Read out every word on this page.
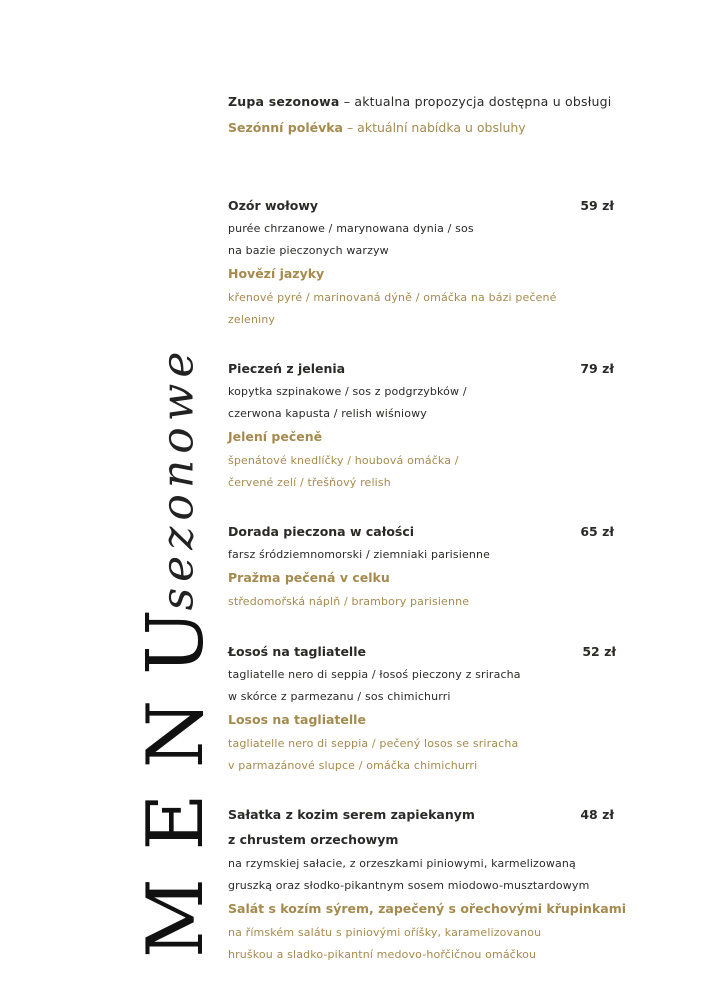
M
E
N
U
sezonowe
Zupa sezonowa – aktualna propozycja dostępna u obsługi
Sezónní polévka – aktuální nabídka u obsluhy
Ozór wołowy	59 zł
purée chrzanowe / marynowana dynia / sos
na bazie pieczonych warzyw
Hovězí jazyky
křenové pyré / marinovaná dýně / omáčka na bázi pečené
zeleniny
Pieczeń z jelenia	79 zł
kopytka szpinakowe / sos z podgrzybków /
czerwona kapusta / relish wiśniowy
Jelení pečeně
špenátové knedlíčky / houbová omáčka /
červené zelí / třešňový relish
Dorada pieczona w całości	65 zł
farsz śródziemnomorski / ziemniaki parisienne
Pražma pečená v celku
středomořská náplň / brambory parisienne
Łosoś na tagliatelle	52 zł
tagliatelle nero di seppia / łosoś pieczony z sriracha
w skórce z parmezanu / sos chimichurri
Losos na tagliatelle
tagliatelle nero di seppia / pečený losos se sriracha
v parmazánové slupce / omáčka chimichurri
Sałatka z kozim serem zapiekanym	48 zł
z chrustem orzechowym
na rzymskiej sałacie, z orzeszkami piniowymi, karmelizowaną
gruszką oraz słodko-pikantnym sosem miodowo-musztardowym
Salát s kozím sýrem, zapečený s ořechovými křupinkami
na římském salátu s piniovými oříšky, karamelizovanou
hruškou a sladko-pikantní medovo-hořčičnou omáčkou
